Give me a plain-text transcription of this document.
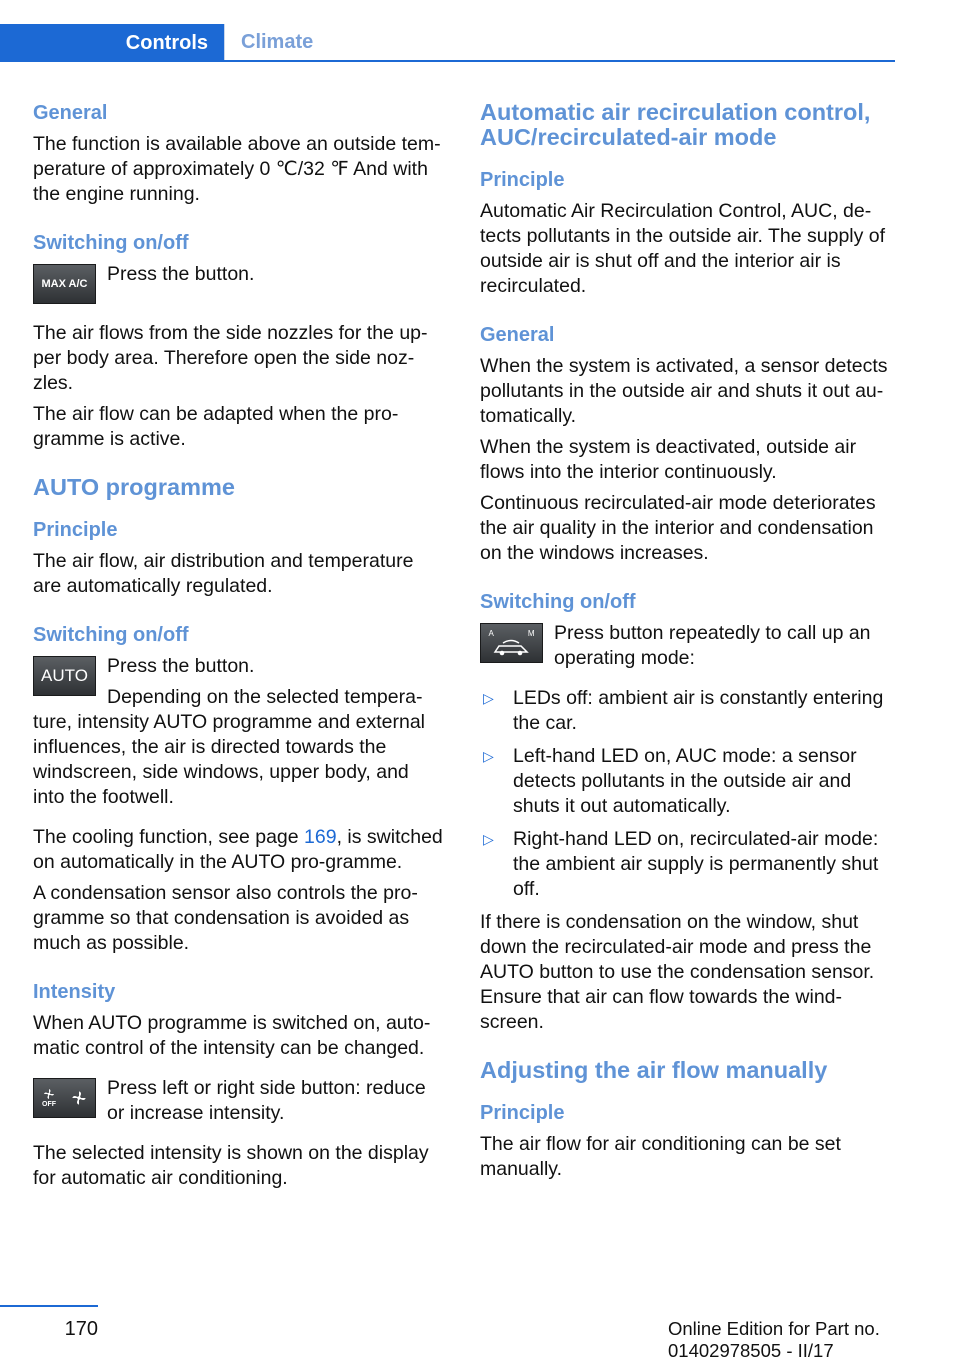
Controls	Climate
General

The function is available above an outside tem-perature of approximately 0 ℃/32 ℉ And with the engine running.

Switching on/off
MAX A/C Press the button.

The air flows from the side nozzles for the up-per body area. Therefore open the side noz-zles.

The air flow can be adapted when the pro-gramme is active.

AUTO programme
Principle

The air flow, air distribution and temperature are automatically regulated.

Switching on/off
AUTO Press the button.

Depending on the selected tempera-

ture, intensity AUTO programme and external influences, the air is directed towards the windscreen, side windows, upper body, and into the footwell.

The cooling function, see page 169, is switched on automatically in the AUTO pro-gramme.

A condensation sensor also controls the pro-gramme so that condensation is avoided as much as possible.

Intensity

When AUTO programme is switched on, auto-matic control of the intensity can be changed.

OFF

Press left or right side button: reduce or increase intensity.

The selected intensity is shown on the display for automatic air conditioning.

Automatic air recirculation control, AUC/recirculated-air mode
Principle

Automatic Air Recirculation Control, AUC, de-tects pollutants in the outside air. The supply of outside air is shut off and the interior air is recirculated.

General

When the system is activated, a sensor detects pollutants in the outside air and shuts it out au-tomatically.

When the system is deactivated, outside air flows into the interior continuously.

Continuous recirculated-air mode deteriorates the air quality in the interior and condensation on the windows increases.

Switching on/off
A	M Press button repeatedly to call up an operating mode:

▷ LEDs off: ambient air is constantly entering the car.
▷ Left-hand LED on, AUC mode: a sensor detects pollutants in the outside air and shuts it out automatically.
▷ Right-hand LED on, recirculated-air mode: the ambient air supply is permanently shut off.

If there is condensation on the window, shut down the recirculated-air mode and press the AUTO button to use the condensation sensor. Ensure that air can flow towards the wind-screen.

Adjusting the air flow manually
Principle

The air flow for air conditioning can be set manually.

170	Online Edition for Part no. 01402978505 - II/17
